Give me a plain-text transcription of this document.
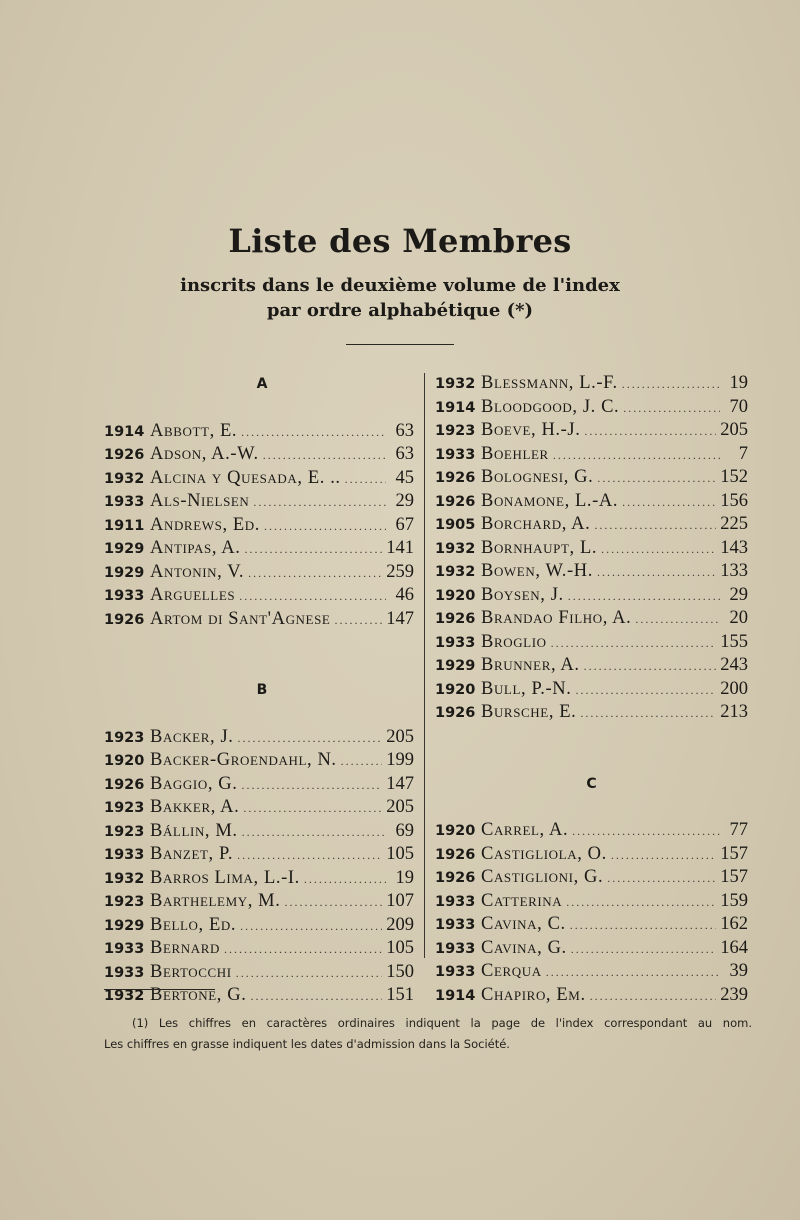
Liste des Membres
inscrits dans le deuxième volume de l'index
par ordre alphabétique (*)
A
1914 Abbott, E. .....	63
1926 Adson, A.-W. .....	63
1932 Alcina y Quesada, E. .. .....	45
1933 Als-Nielsen .....	29
1911 Andrews, Ed. .....	67
1929 Antipas, A. .....	141
1929 Antonin, V. .....	259
1933 Arguelles .....	46
1926 Artom di Sant'Agnese .....	147
B
1923 Backer, J. .....	205
1920 Backer-Groendahl, N. .....	199
1926 Baggio, G. .....	147
1923 Bakker, A. .....	205
1923 Bállin, M. .....	69
1933 Banzet, P. .....	105
1932 Barros Lima, L.-I. .....	19
1923 Barthelemy, M. .....	107
1929 Bello, Ed. .....	209
1933 Bernard .....	105
1933 Bertocchi .....	150
1932 Bertone, G. .....	151
1932 Blessmann, L.-F. .....	19
1914 Bloodgood, J. C. .....	70
1923 Boeve, H.-J. .....	205
1933 Boehler .....	7
1926 Bolognesi, G. .....	152
1926 Bonamone, L.-A. .....	156
1905 Borchard, A. .....	225
1932 Bornhaupt, L. .....	143
1932 Bowen, W.-H. .....	133
1920 Boysen, J. .....	29
1926 Brandao Filho, A. .....	20
1933 Broglio .....	155
1929 Brunner, A. .....	243
1920 Bull, P.-N. .....	200
1926 Bursche, E. .....	213
C
1920 Carrel, A. .....	77
1926 Castigliola, O. .....	157
1926 Castiglioni, G. .....	157
1933 Catterina .....	159
1933 Cavina, C. .....	162
1933 Cavina, G. .....	164
1933 Cerqua .....	39
1914 Chapiro, Em. .....	239
(1) Les chiffres en caractères ordinaires indiquent la page de l'index correspondant au nom.
Les chiffres en grasse indiquent les dates d'admission dans la Société.
